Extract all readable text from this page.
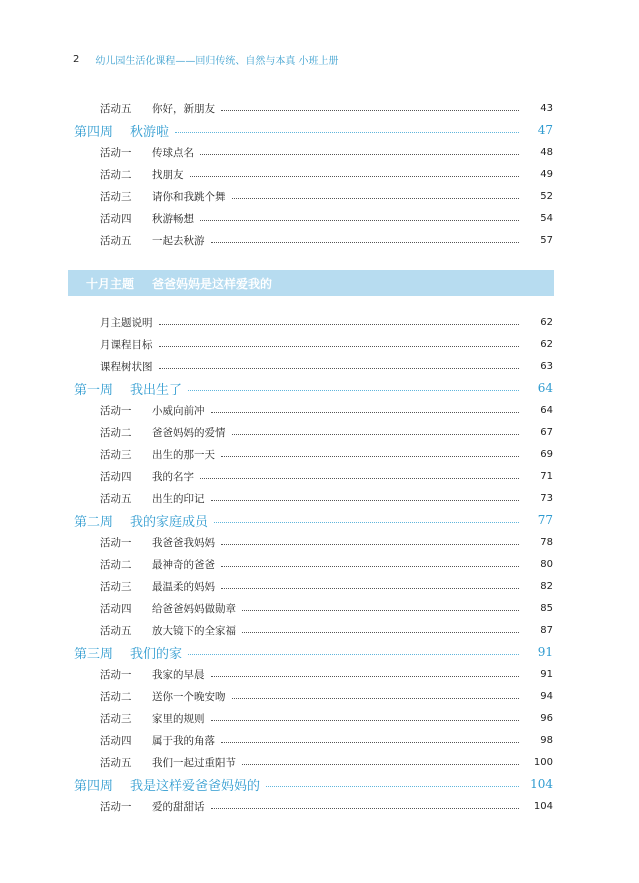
2 幼儿园生活化课程——回归传统、自然与本真 小班上册
十月主题 爸爸妈妈是这样爱我的
活动五	你好，新朋友	43
第四周	秋游啦	47
活动一	传球点名	48
活动二	找朋友	49
活动三	请你和我跳个舞	52
活动四	秋游畅想	54
活动五	一起去秋游	57
月主题说明	62
月课程目标	62
课程树状图	63
第一周	我出生了	64
活动一	小威向前冲	64
活动二	爸爸妈妈的爱情	67
活动三	出生的那一天	69
活动四	我的名字	71
活动五	出生的印记	73
第二周	我的家庭成员	77
活动一	我爸爸我妈妈	78
活动二	最神奇的爸爸	80
活动三	最温柔的妈妈	82
活动四	给爸爸妈妈做勋章	85
活动五	放大镜下的全家福	87
第三周	我们的家	91
活动一	我家的早晨	91
活动二	送你一个晚安吻	94
活动三	家里的规则	96
活动四	属于我的角落	98
活动五	我们一起过重阳节	100
第四周	我是这样爱爸爸妈妈的	104
活动一	爱的甜甜话	104
